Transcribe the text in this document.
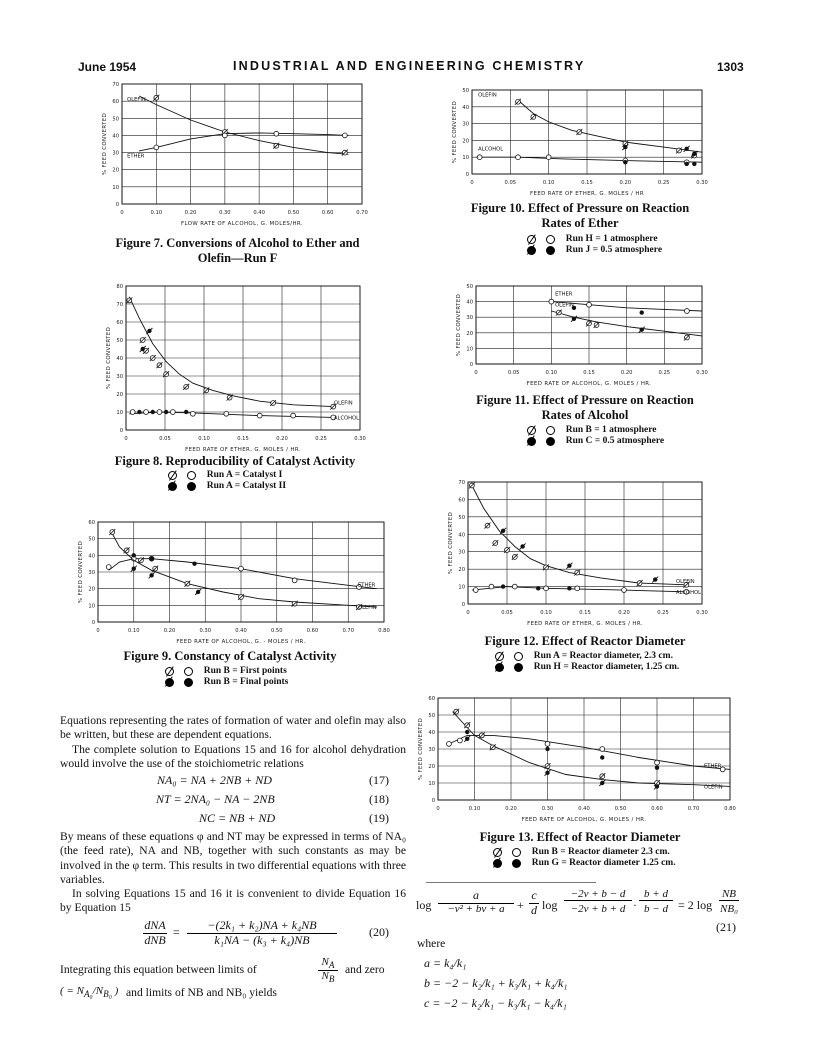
June 1954	INDUSTRIAL AND ENGINEERING CHEMISTRY	1303
0	0.10	0.20	0.30	0.40	0.50	0.60	0.70
0
10
20
30
40
50
60
70
FLOW RATE OF ALCOHOL, G. MOLES/HR.
% FEED CONVERTED
OLEFIN
ETHER
Figure 7. Conversions of Alcohol to Ether and Olefin—Run F
0	0.05	0.10	0.15	0.20	0.25	0.30
0
10
20
30
40
50
60
70
80
FEED RATE OF ETHER, G. MOLES / HR.
% FEED CONVERTED
OLEFIN
ALCOHOL
Figure 8. Reproducibility of Catalyst Activity

Run A = Catalyst I

Run A = Catalyst II
0	0.10	0.20	0.30	0.40	0.50	0.60	0.70	0.80
0
10
20
30
40
50
60
FEED RATE OF ALCOHOL, G. - MOLES / HR.
% FEED CONVERTED	ETHER
OLEFIN
Figure 9. Constancy of Catalyst Activity

Run B = First points

Run B = Final points
0	0.05	0.10	0.15	0.20	0.25	0.30
0
10
20
30
40
50
FEED RATE OF ETHER, G. MOLES / HR
% FEED CONVERTED
OLEFIN
ALCOHOL
Figure 10. Effect of Pressure on Reaction
Rates of Ether

Run H = 1 atmosphere

Run J = 0.5 atmosphere
0	0.05	0.10	0.15	0.20	0.25	0.30
0
10
20
30
40
50
FEED RATE OF ALCOHOL, G. MOLES / HR.
% FEED CONVERTED	ETHER
OLEFIN
Figure 11. Effect of Pressure on Reaction
Rates of Alcohol

Run B = 1 atmosphere

Run C = 0.5 atmosphere
0	0.05	0.10	0.15	0.20	0.25	0.30
0
10
20
30
40
50
60
70
FEED RATE OF ETHER, G. MOLES / HR.
% FEED CONVERTED
OLEFIN
ALCOHOL
Figure 12. Effect of Reactor Diameter

Run A = Reactor diameter, 2.3 cm.

Run H = Reactor diameter, 1.25 cm.
0	0.10	0.20	0.30	0.40	0.50	0.60	0.70	0.80
0
10
20
30
40
50
60
FEED RATE OF ALCOHOL, G. MOLES / HR.
% FEED CONVERTED	ETHER
OLEFIN
Figure 13. Effect of Reactor Diameter

Run B = Reactor diameter 2.3 cm.

Run G = Reactor diameter 1.25 cm.
Equations representing the rates of formation of water and olefin may also be written, but these are dependent equations.
The complete solution to Equations 15 and 16 for alcohol dehydration would involve the use of the stoichiometric relations
NA₀ = NA + 2NB + ND	(17)
NT = 2NA₀ − NA − 2NB	(18)
NC = NB + ND	(19)
By means of these equations φ and NT may be expressed in terms of NA₀ (the feed rate), NA and NB, together with such constants as may be involved in the φ term. This results in two differential equations with three variables.
In solving Equations 15 and 16 it is convenient to divide Equation 16 by Equation 15
dNA
dNB
=	−(2k₁ + k₂)NA + k₄NB
k₁NA − (k₃ + k₄)NB
(20)
Integrating this equation between limits of
$N_A$
$N_B$
and zero
( = $N_{A_0}/N_{B_0}$ ) and limits of NB and NB₀ yields
log
a
−v² + bv + a	+
c
d log
−2v + b − d
−2v + b + d ·
b + d
b − d = 2 log
NB
NB₀
(21)
where
a = k₄/k₁
b = −2 − k₂/k₁ + k₃/k₁ + k₄/k₁
c = −2 − k₂/k₁ − k₃/k₁ − k₄/k₁
